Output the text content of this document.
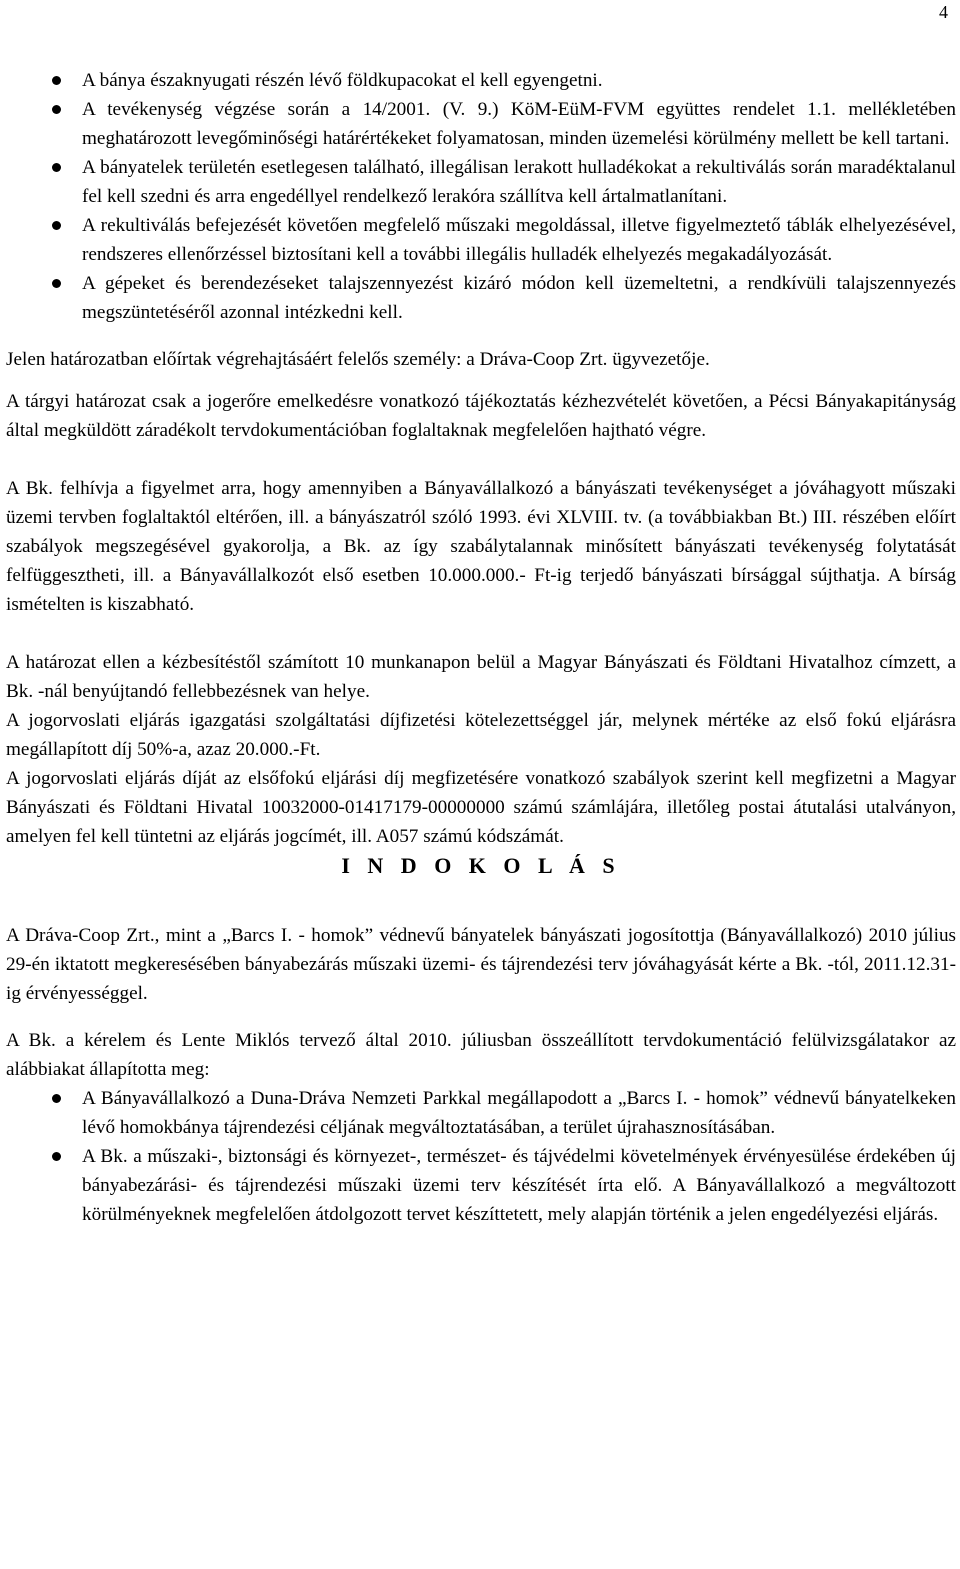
4
A bánya északnyugati részén lévő földkupacokat el kell egyengetni.
A tevékenység végzése során a 14/2001. (V. 9.) KöM-EüM-FVM együttes rendelet 1.1. mellékletében meghatározott levegőminőségi határértékeket folyamatosan, minden üzemelési körülmény mellett be kell tartani.
A bányatelek területén esetlegesen található, illegálisan lerakott hulladékokat a rekultiválás során maradéktalanul fel kell szedni és arra engedéllyel rendelkező lerakóra szállítva kell ártalmatlanítani.
A rekultiválás befejezését követően megfelelő műszaki megoldással, illetve figyelmeztető táblák elhelyezésével, rendszeres ellenőrzéssel biztosítani kell a további illegális hulladék elhelyezés megakadályozását.
A gépeket és berendezéseket talajszennyezést kizáró módon kell üzemeltetni, a rendkívüli talajszennyezés megszüntetéséről azonnal intézkedni kell.

Jelen határozatban előírtak végrehajtásáért felelős személy: a Dráva-Coop Zrt. ügyvezetője.

A tárgyi határozat csak a jogerőre emelkedésre vonatkozó tájékoztatás kézhezvételét követően, a Pécsi Bányakapitányság által megküldött záradékolt tervdokumentációban foglaltaknak megfelelően hajtható végre.

A Bk. felhívja a figyelmet arra, hogy amennyiben a Bányavállalkozó a bányászati tevékenységet a jóváhagyott műszaki üzemi tervben foglaltaktól eltérően, ill. a bányászatról szóló 1993. évi XLVIII. tv. (a továbbiakban Bt.) III. részében előírt szabályok megszegésével gyakorolja, a Bk. az így szabálytalannak minősített bányászati tevékenység folytatását felfüggesztheti, ill. a Bányavállalkozót első esetben 10.000.000.- Ft-ig terjedő bányászati bírsággal sújthatja. A bírság ismételten is kiszabható.

A határozat ellen a kézbesítéstől számított 10 munkanapon belül a Magyar Bányászati és Földtani Hivatalhoz címzett, a Bk. -nál benyújtandó fellebbezésnek van helye.

A jogorvoslati eljárás igazgatási szolgáltatási díjfizetési kötelezettséggel jár, melynek mértéke az első fokú eljárásra megállapított díj 50%-a, azaz 20.000.-Ft.

A jogorvoslati eljárás díját az elsőfokú eljárási díj megfizetésére vonatkozó szabályok szerint kell megfizetni a Magyar Bányászati és Földtani Hivatal 10032000-01417179-00000000 számú számlájára, illetőleg postai átutalási utalványon, amelyen fel kell tüntetni az eljárás jogcímét, ill. A057 számú kódszámát.

I N D O K O L Á S

A Dráva-Coop Zrt., mint a „Barcs I. - homok” védnevű bányatelek bányászati jogosítottja (Bányavállalkozó) 2010 július 29-én iktatott megkeresésében bányabezárás műszaki üzemi- és tájrendezési terv jóváhagyását kérte a Bk. -tól, 2011.12.31-ig érvényességgel.

A Bk. a kérelem és Lente Miklós tervező által 2010. júliusban összeállított tervdokumentáció felülvizsgálatakor az alábbiakat állapította meg:

A Bányavállalkozó a Duna-Dráva Nemzeti Parkkal megállapodott a „Barcs I. - homok” védnevű bányatelkeken lévő homokbánya tájrendezési céljának megváltoztatásában, a terület újrahasznosításában.
A Bk. a műszaki-, biztonsági és környezet-, természet- és tájvédelmi követelmények érvényesülése érdekében új bányabezárási- és tájrendezési műszaki üzemi terv készítését írta elő. A Bányavállalkozó a megváltozott körülményeknek megfelelően átdolgozott tervet készíttetett, mely alapján történik a jelen engedélyezési eljárás.
